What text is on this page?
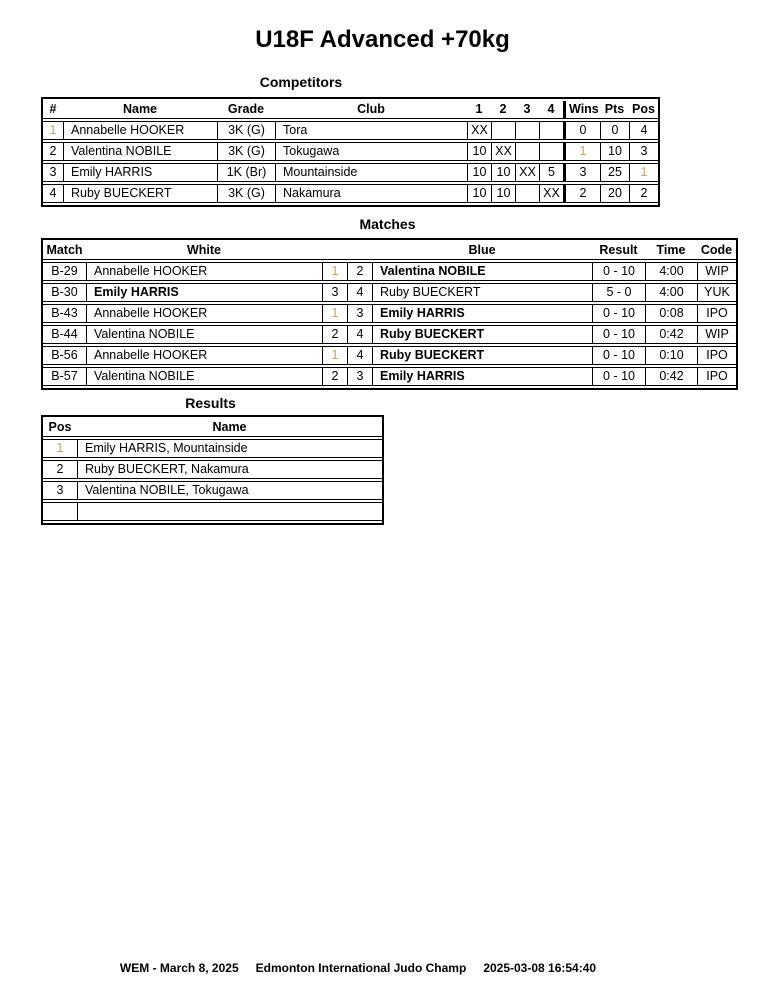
U18F Advanced +70kg
Competitors
#	Name	Grade	Club	1	2	3	4	Wins	Pts	Pos
1	Annabelle HOOKER	3K (G)	Tora	XX				0	0	4
2	Valentina NOBILE	3K (G)	Tokugawa	10	XX			1	10	3
3	Emily HARRIS	1K (Br)	Mountainside	10	10	XX	5	3	25	1
4	Ruby BUECKERT	3K (G)	Nakamura	10	10		XX	2	20	2
Matches
Match	White			Blue	Result	Time	Code
B-29	Annabelle HOOKER	1	2	Valentina NOBILE	0 - 10	4:00	WIP
B-30	Emily HARRIS	3	4	Ruby BUECKERT	5 - 0	4:00	YUK
B-43	Annabelle HOOKER	1	3	Emily HARRIS	0 - 10	0:08	IPO
B-44	Valentina NOBILE	2	4	Ruby BUECKERT	0 - 10	0:42	WIP
B-56	Annabelle HOOKER	1	4	Ruby BUECKERT	0 - 10	0:10	IPO
B-57	Valentina NOBILE	2	3	Emily HARRIS	0 - 10	0:42	IPO
Results
Pos	Name
1	Emily HARRIS, Mountainside
2	Ruby BUECKERT, Nakamura
3	Valentina NOBILE, Tokugawa

WEM - March 8, 2025 Edmonton International Judo Champ 2025-03-08 16:54:40
